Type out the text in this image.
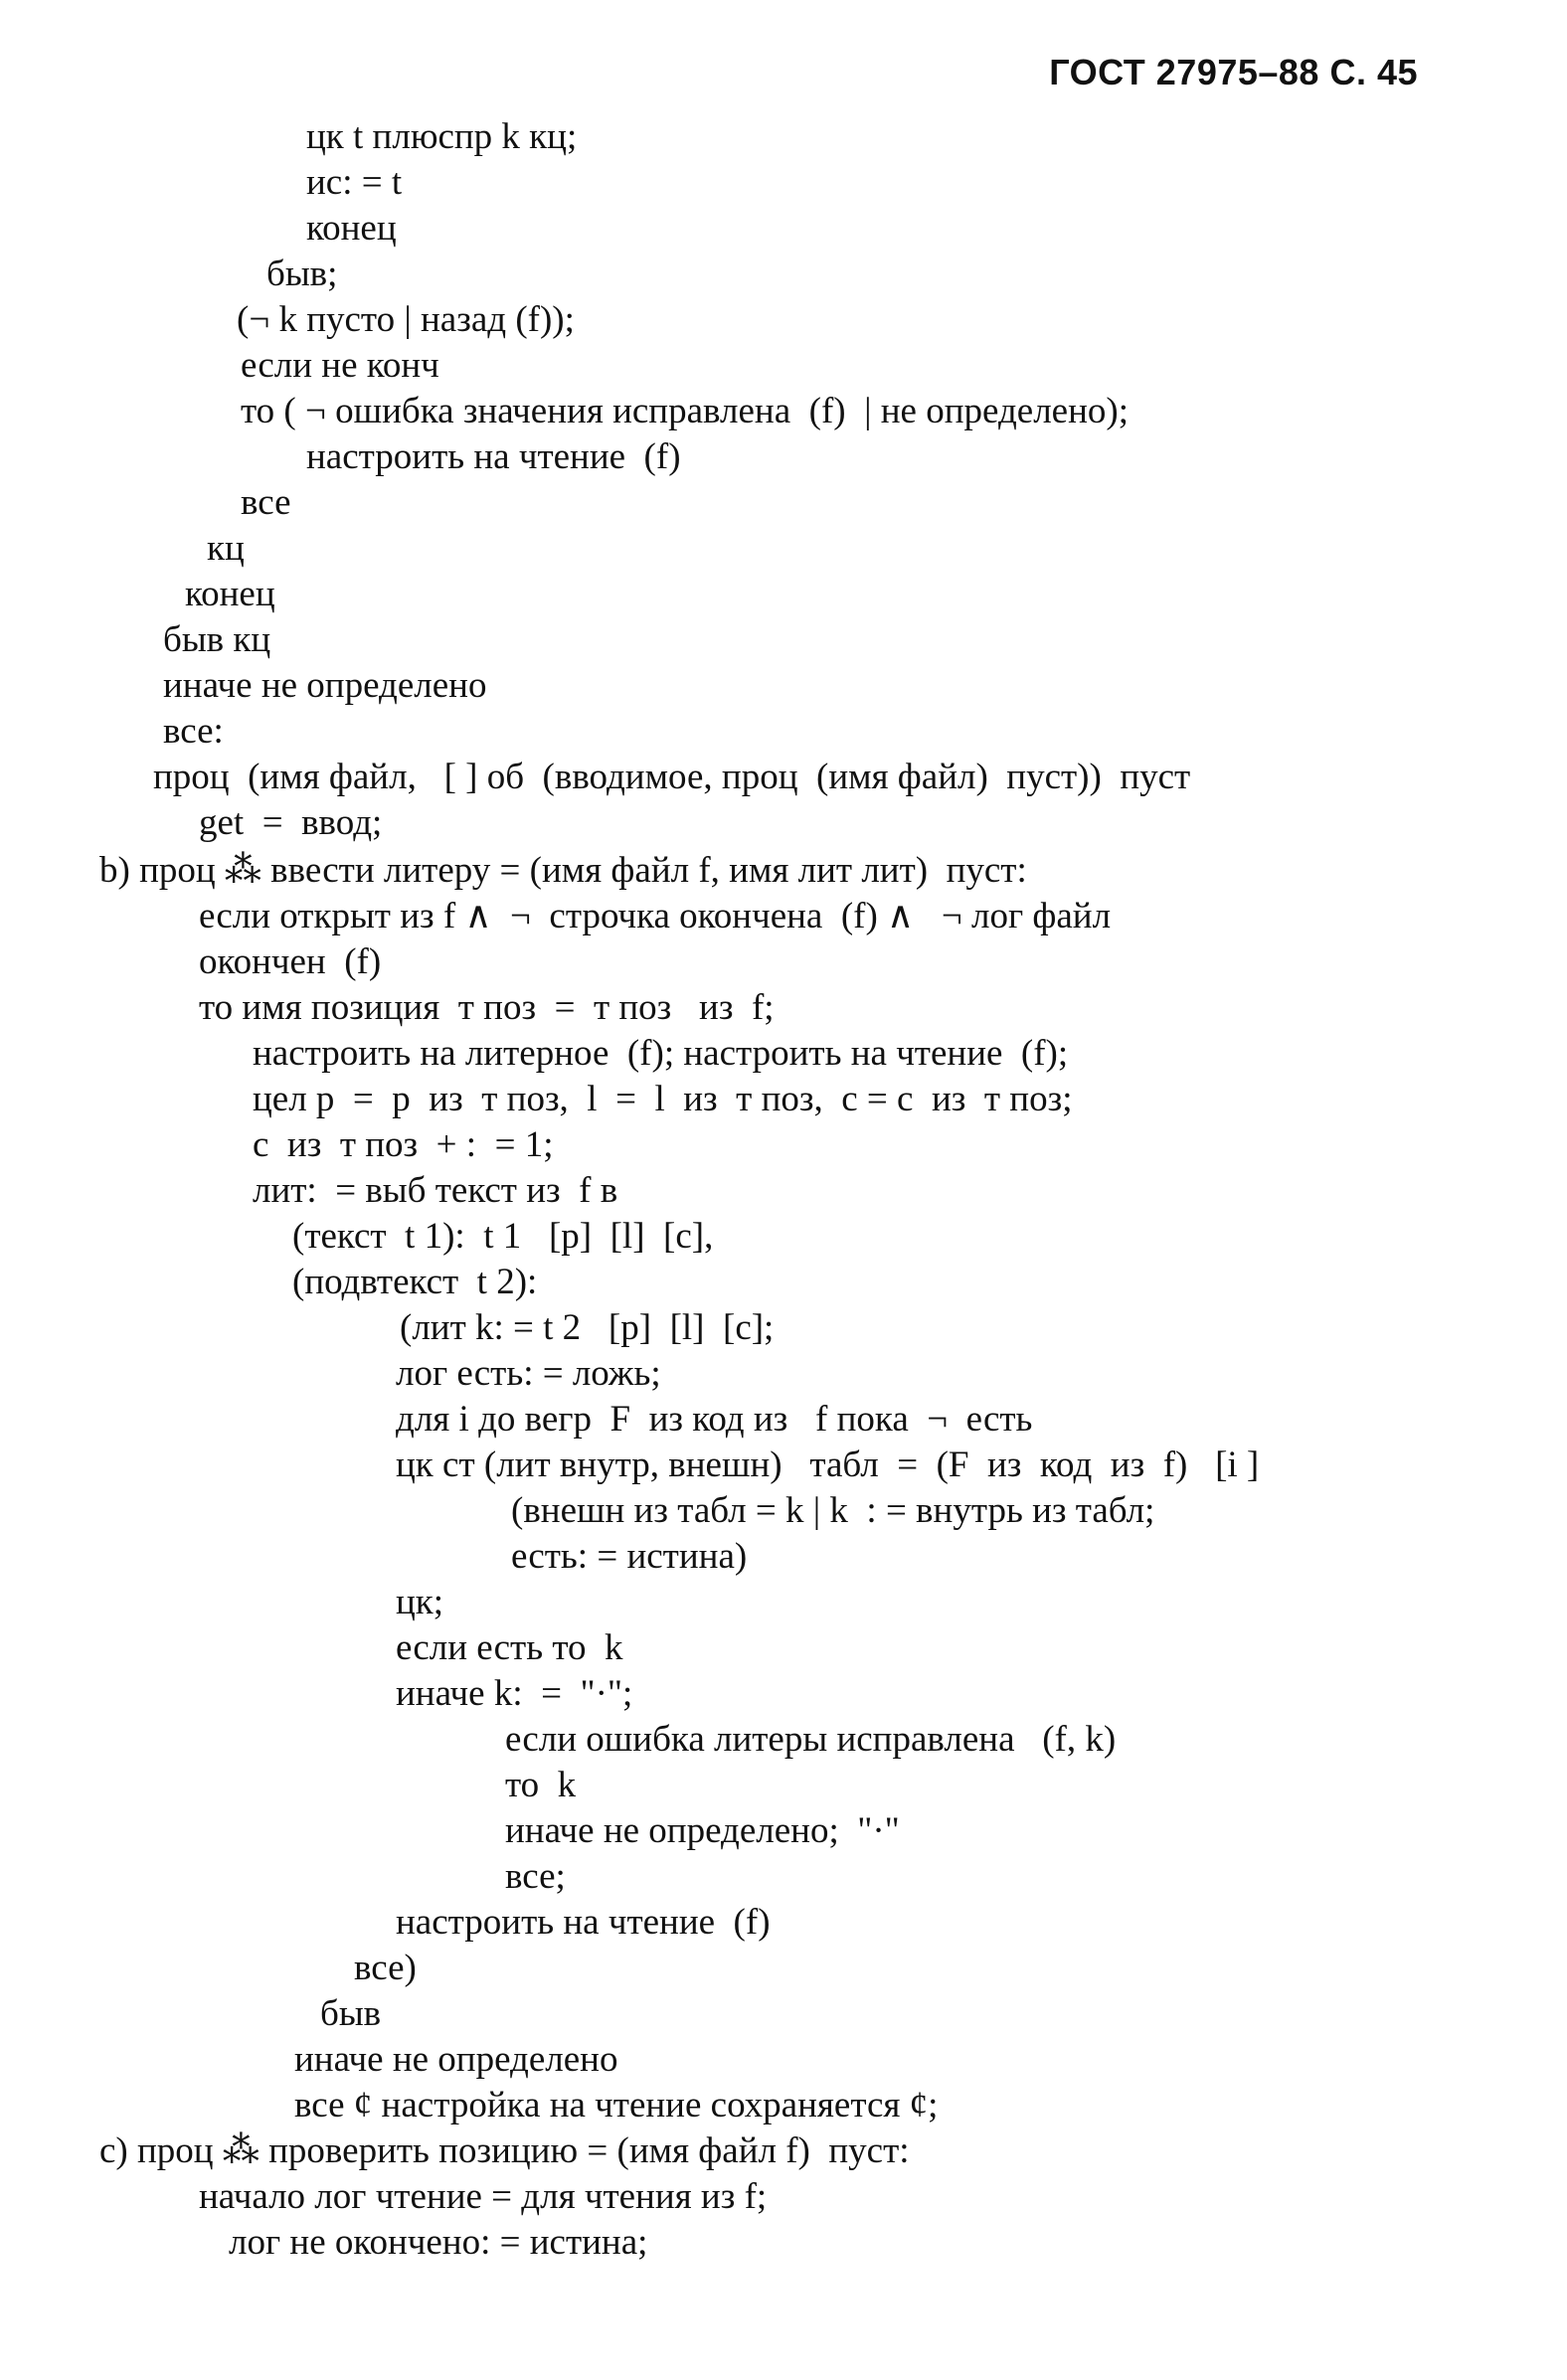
ГОСТ 27975–88 С. 45
цк t плюспр k кц;
ис: = t
конец
быв;
(¬ k пусто | назад (f));
если не конч
то ( ¬ ошибка значения исправлена  (f)  | не определено);
настроить на чтение  (f)
все
кц
конец
быв кц
иначе не определено
все:
проц  (имя файл,   [ ] об  (вводимое, проц  (имя файл)  пуст))  пуст
get  =  ввод;
b) проц ⁂ ввести литеру = (имя файл f, имя лит лит)  пуст:
если открыт из f ∧  ¬  строчка окончена  (f) ∧   ¬ лог файл
окончен  (f)
то имя позиция  т поз  =  т поз   из  f;
настроить на литерное  (f); настроить на чтение  (f);
цел р  =  р  из  т поз,  l  =  l  из  т поз,  с = с  из  т поз;
с  из  т поз  + :  = 1;
лит:  = выб текст из  f в
(текст  t 1):  t 1   [p]  [l]  [c],
(подвтекст  t 2):
(лит k: = t 2   [p]  [l]  [c];
лог есть: = ложь;
для i до вегр  F  из код из   f пока  ¬  есть
цк ст (лит внутр, внешн)   табл  =  (F  из  код  из  f)   [i ]
(внешн из табл = k | k  : = внутрь из табл;
есть: = истина)
цк;
если есть то  k
иначе k:  =  "·";
если ошибка литеры исправлена   (f, k)
то  k
иначе не определено;  "·"
все;
настроить на чтение  (f)
все)
быв
иначе не определено
все ¢ настройка на чтение сохраняется ¢;
с) проц ⁂ проверить позицию = (имя файл f)  пуст:
начало лог чтение = для чтения из f;
лог не окончено: = истина;
